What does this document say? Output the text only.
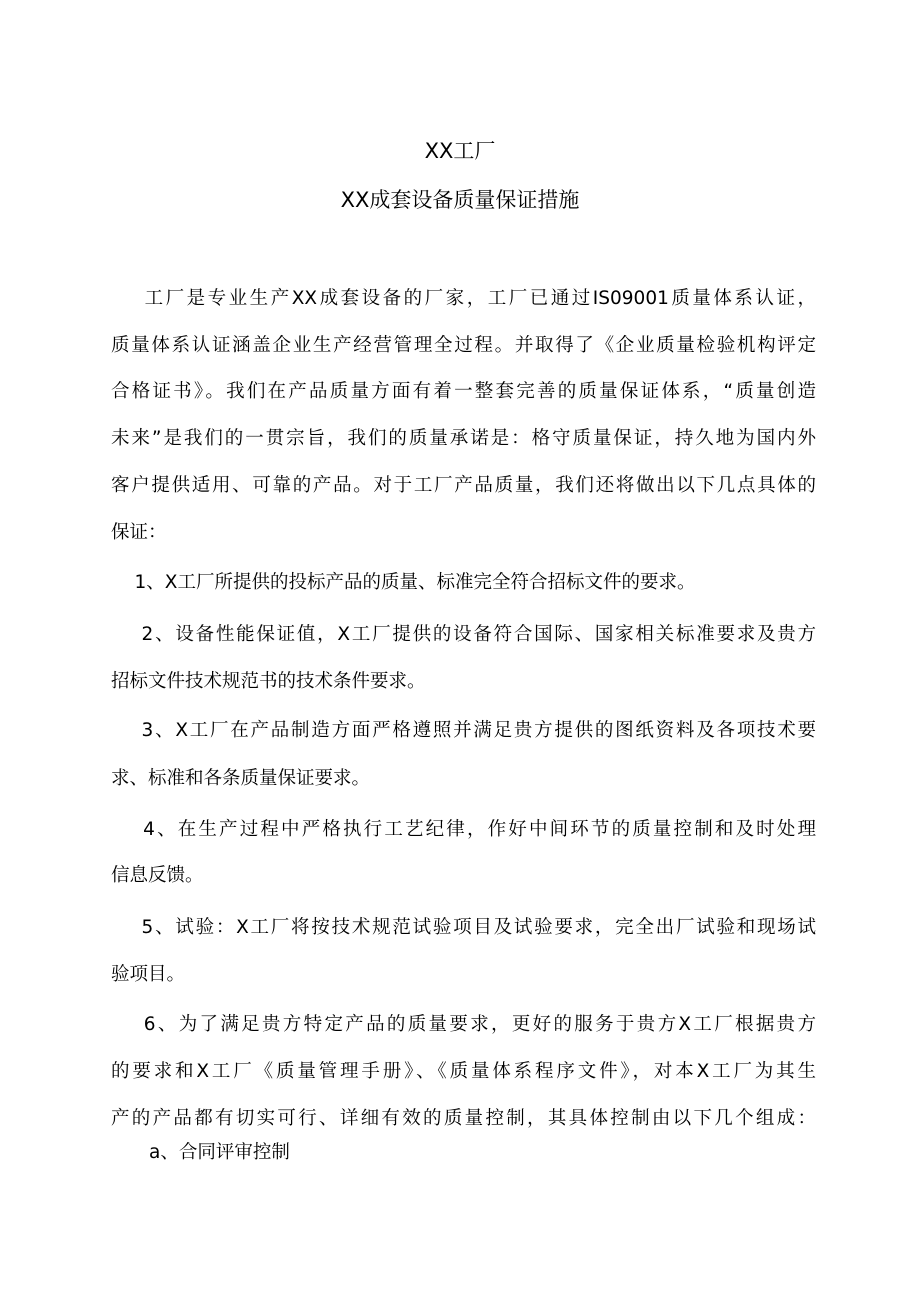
XX工厂
XX成套设备质量保证措施
工厂是专业生产XX成套设备的厂家，工厂已通过IS09001质量体系认证，
质量体系认证涵盖企业生产经营管理全过程。并取得了《企业质量检验机构评定
合格证书》。我们在产品质量方面有着一整套完善的质量保证体系，“质量创造
未来”是我们的一贯宗旨，我们的质量承诺是：格守质量保证，持久地为国内外
客户提供适用、可靠的产品。对于工厂产品质量，我们还将做出以下几点具体的
保证：
1、X工厂所提供的投标产品的质量、标准完全符合招标文件的要求。
2、设备性能保证值，X工厂提供的设备符合国际、国家相关标准要求及贵方
招标文件技术规范书的技术条件要求。
3、X工厂在产品制造方面严格遵照并满足贵方提供的图纸资料及各项技术要
求、标准和各条质量保证要求。
4、在生产过程中严格执行工艺纪律，作好中间环节的质量控制和及时处理
信息反馈。
5、试验：X工厂将按技术规范试验项目及试验要求，完全出厂试验和现场试
验项目。
6、为了满足贵方特定产品的质量要求，更好的服务于贵方X工厂根据贵方
的要求和X工厂《质量管理手册》、《质量体系程序文件》，对本X工厂为其生
产的产品都有切实可行、详细有效的质量控制，其具体控制由以下几个组成：
a、合同评审控制
